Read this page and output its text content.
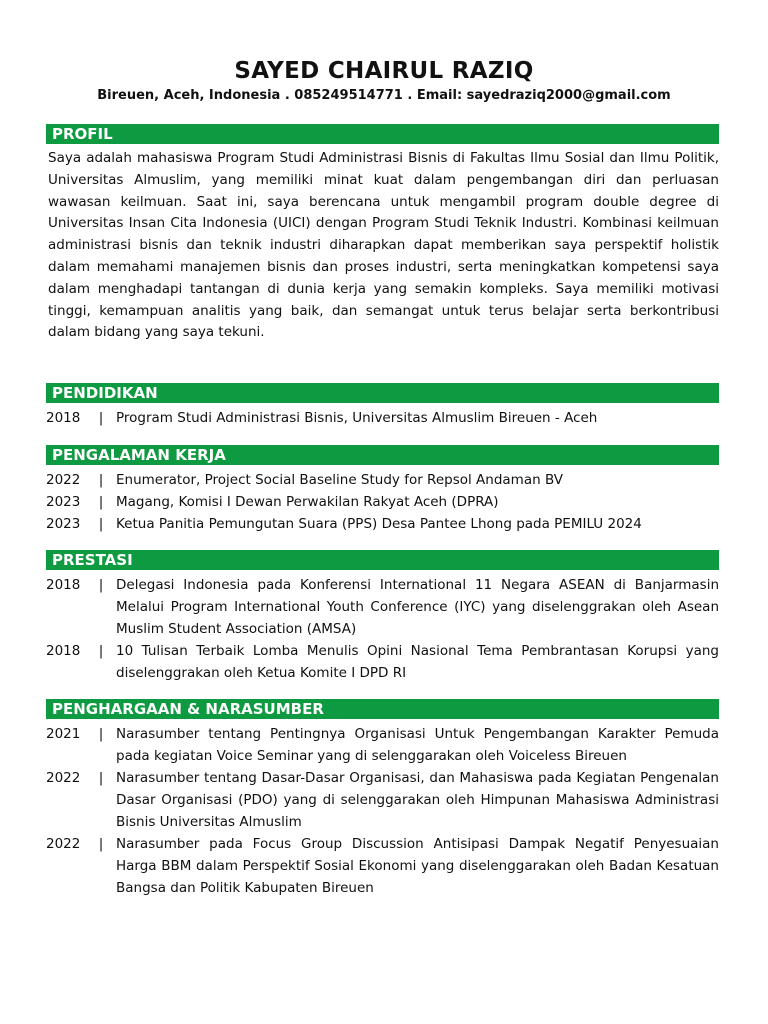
SAYED CHAIRUL RAZIQ
Bireuen, Aceh, Indonesia . 085249514771 . Email: sayedraziq2000@gmail.com
PROFIL
Saya adalah mahasiswa Program Studi Administrasi Bisnis di Fakultas Ilmu Sosial dan Ilmu Politik, Universitas Almuslim, yang memiliki minat kuat dalam pengembangan diri dan perluasan wawasan keilmuan. Saat ini, saya berencana untuk mengambil program double degree di Universitas Insan Cita Indonesia (UICI) dengan Program Studi Teknik Industri. Kombinasi keilmuan administrasi bisnis dan teknik industri diharapkan dapat memberikan saya perspektif holistik dalam memahami manajemen bisnis dan proses industri, serta meningkatkan kompetensi saya dalam menghadapi tantangan di dunia kerja yang semakin kompleks. Saya memiliki motivasi tinggi, kemampuan analitis yang baik, dan semangat untuk terus belajar serta berkontribusi dalam bidang yang saya tekuni.
PENDIDIKAN
2018	| Program Studi Administrasi Bisnis, Universitas Almuslim Bireuen - Aceh
PENGALAMAN KERJA
2022	| Enumerator, Project Social Baseline Study for Repsol Andaman BV
2023	| Magang, Komisi I Dewan Perwakilan Rakyat Aceh (DPRA)
2023	| Ketua Panitia Pemungutan Suara (PPS) Desa Pantee Lhong pada PEMILU 2024
PRESTASI
2018	| Delegasi Indonesia pada Konferensi International 11 Negara ASEAN di Banjarmasin Melalui Program International Youth Conference (IYC) yang diselenggrakan oleh Asean Muslim Student Association (AMSA)
2018	| 10 Tulisan Terbaik Lomba Menulis Opini Nasional Tema Pembrantasan Korupsi yang diselenggrakan oleh Ketua Komite I DPD RI
PENGHARGAAN & NARASUMBER
2021	| Narasumber tentang Pentingnya Organisasi Untuk Pengembangan Karakter Pemuda pada kegiatan Voice Seminar yang di selenggarakan oleh Voiceless Bireuen
2022	| Narasumber tentang Dasar-Dasar Organisasi, dan Mahasiswa pada Kegiatan Pengenalan Dasar Organisasi (PDO) yang di selenggarakan oleh Himpunan Mahasiswa Administrasi Bisnis Universitas Almuslim
2022	| Narasumber pada Focus Group Discussion Antisipasi Dampak Negatif Penyesuaian Harga BBM dalam Perspektif Sosial Ekonomi yang diselenggarakan oleh Badan Kesatuan Bangsa dan Politik Kabupaten Bireuen
